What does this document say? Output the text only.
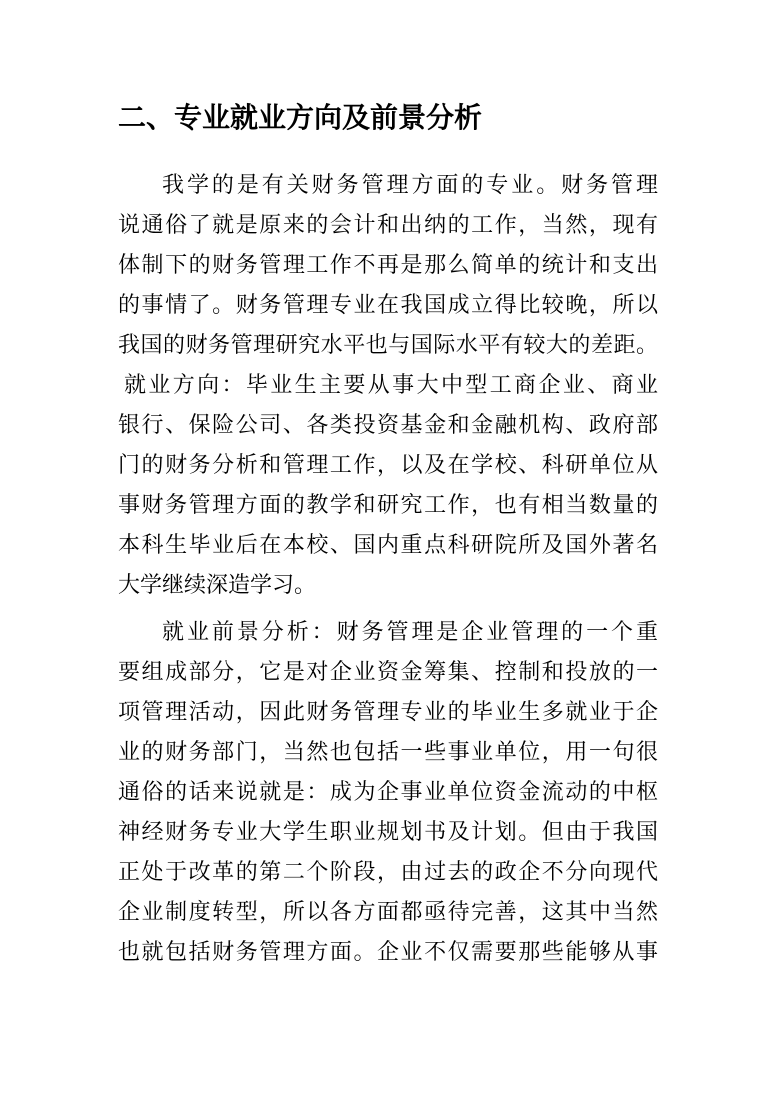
二、专业就业方向及前景分析

我学的是有关财务管理方面的专业。财务管理

说通俗了就是原来的会计和出纳的工作，当然，现有

体制下的财务管理工作不再是那么简单的统计和支出

的事情了。财务管理专业在我国成立得比较晚，所以

我国的财务管理研究水平也与国际水平有较大的差距。

就业方向：毕业生主要从事大中型工商企业、商业

银行、保险公司、各类投资基金和金融机构、政府部

门的财务分析和管理工作，以及在学校、科研单位从

事财务管理方面的教学和研究工作，也有相当数量的

本科生毕业后在本校、国内重点科研院所及国外著名

大学继续深造学习。

就业前景分析：财务管理是企业管理的一个重

要组成部分，它是对企业资金筹集、控制和投放的一

项管理活动，因此财务管理专业的毕业生多就业于企

业的财务部门，当然也包括一些事业单位，用一句很

通俗的话来说就是：成为企事业单位资金流动的中枢

神经财务专业大学生职业规划书及计划。但由于我国

正处于改革的第二个阶段，由过去的政企不分向现代

企业制度转型，所以各方面都亟待完善，这其中当然

也就包括财务管理方面。企业不仅需要那些能够从事
